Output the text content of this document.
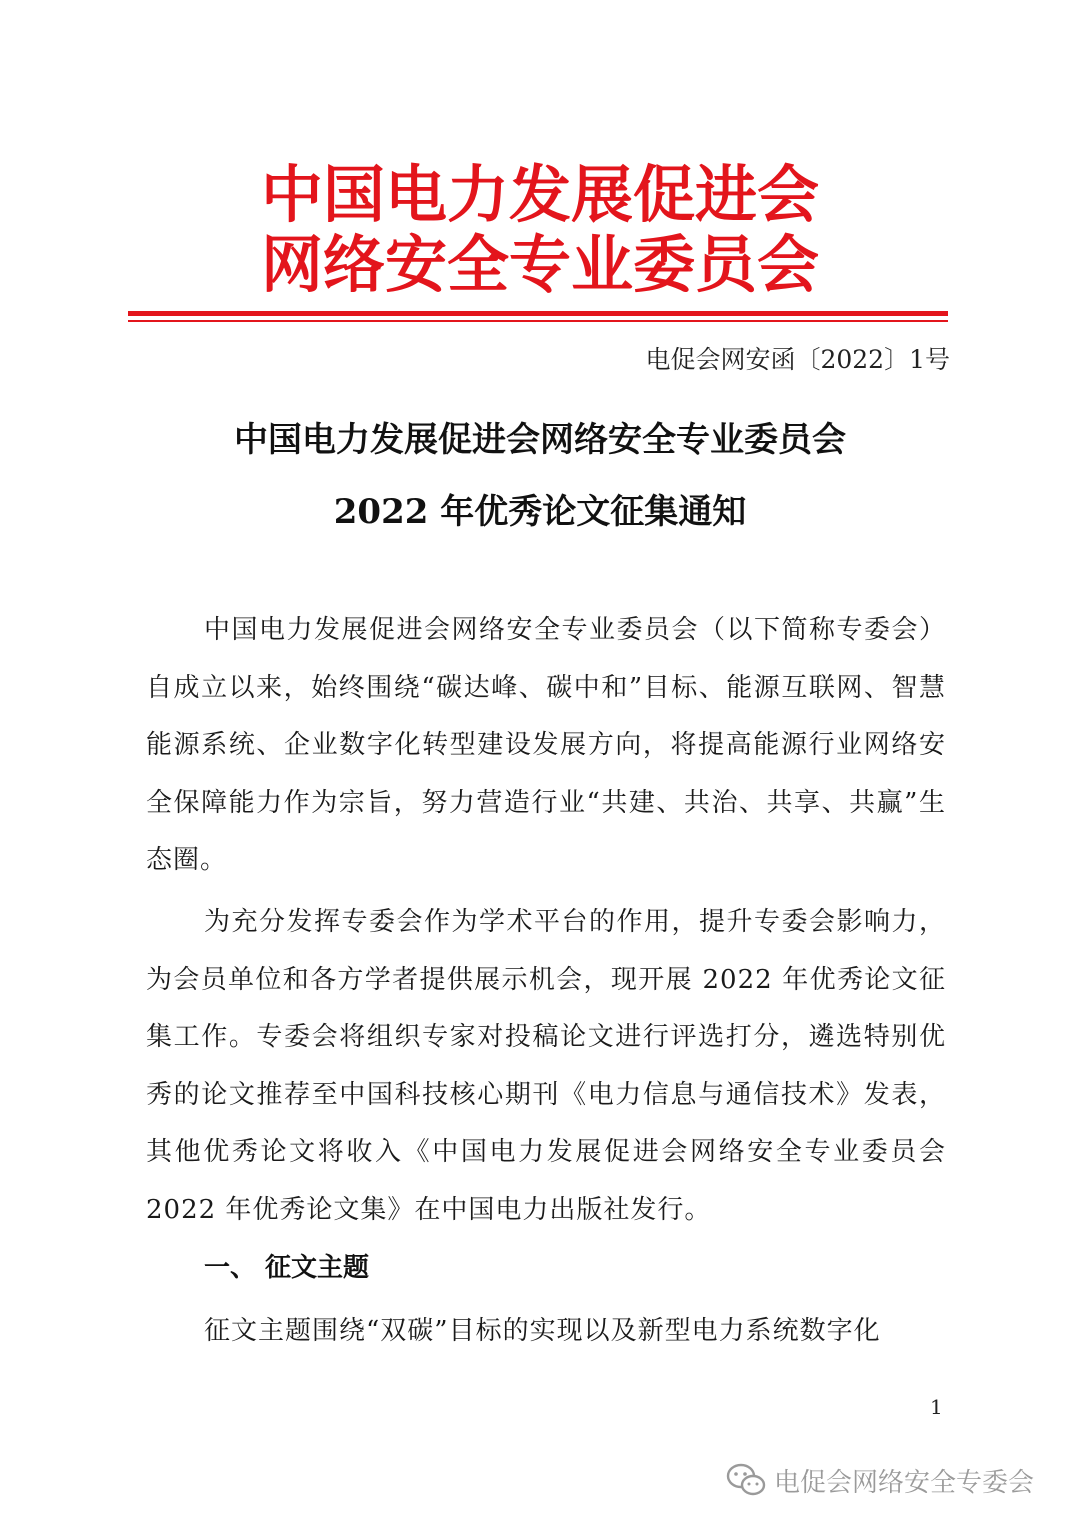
中国电力发展促进会
网络安全专业委员会
电促会网安函〔2022〕1号
中国电力发展促进会网络安全专业委员会
2022 年优秀论文征集通知
中国电力发展促进会网络安全专业委员会（以下简称专委会）自成立以来，始终围绕“碳达峰、碳中和”目标、能源互联网、智慧能源系统、企业数字化转型建设发展方向，将提高能源行业网络安全保障能力作为宗旨，努力营造行业“共建、共治、共享、共赢”生态圈。
为充分发挥专委会作为学术平台的作用，提升专委会影响力，为会员单位和各方学者提供展示机会，现开展 2022 年优秀论文征集工作。专委会将组织专家对投稿论文进行评选打分，遴选特别优秀的论文推荐至中国科技核心期刊《电力信息与通信技术》发表，其他优秀论文将收入《中国电力发展促进会网络安全专业委员会 2022 年优秀论文集》在中国电力出版社发行。
一、 征文主题
征文主题围绕“双碳”目标的实现以及新型电力系统数字化
1
电促会网络安全专委会
